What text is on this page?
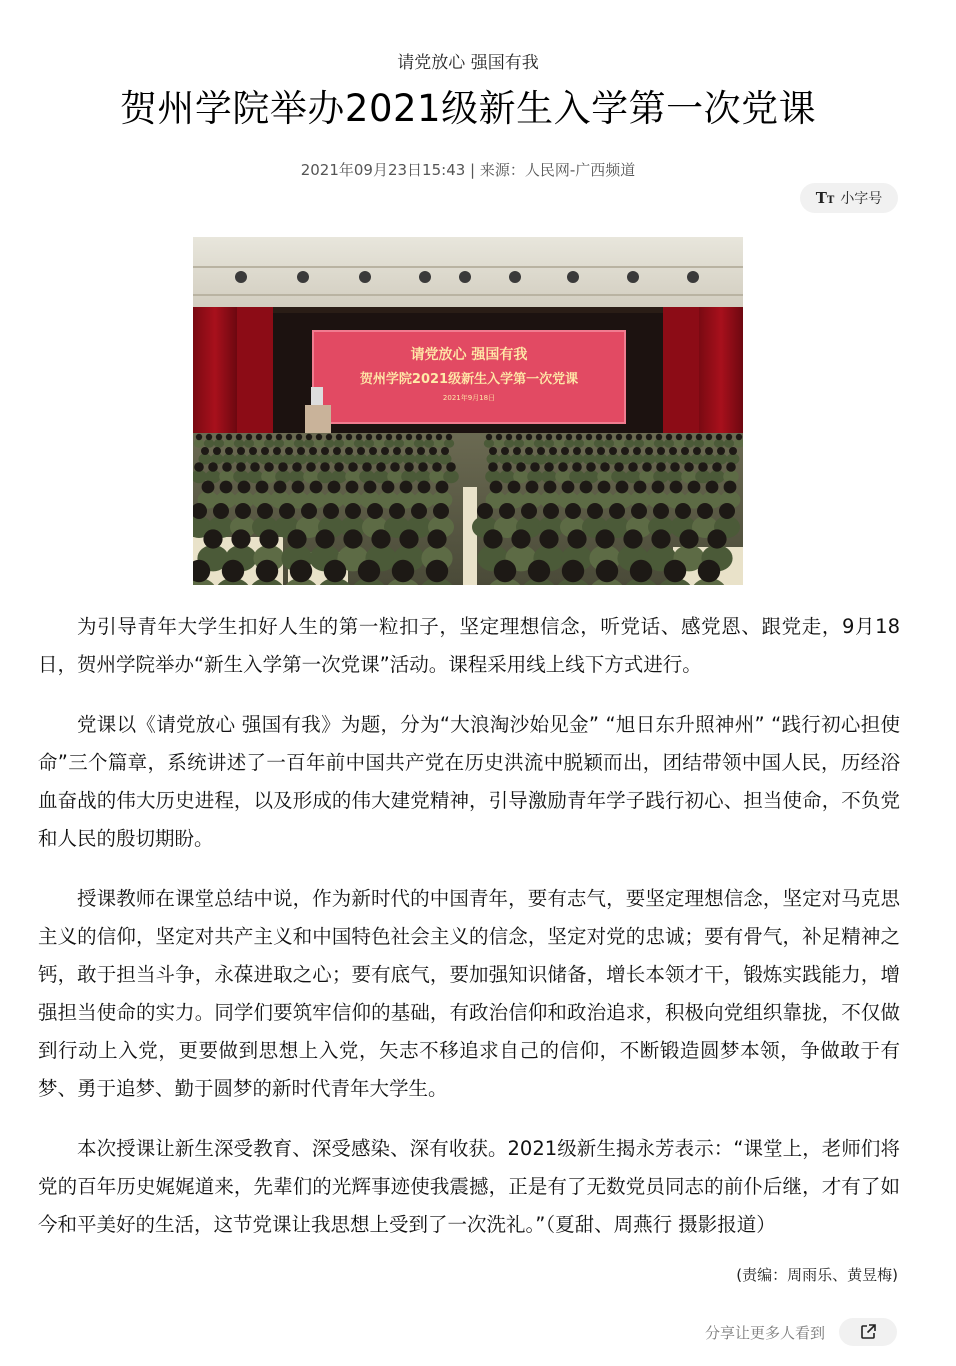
请党放心 强国有我
贺州学院举办2021级新生入学第一次党课
2021年09月23日15:43 | 来源：人民网-广西频道
TT 小字号
请党放心 强国有我
贺州学院2021级新生入学第一次党课
2021年9月18日

为引导青年大学生扣好人生的第一粒扣子，坚定理想信念，听党话、感党恩、跟党走，9月18日，贺州学院举办“新生入学第一次党课”活动。课程采用线上线下方式进行。

党课以《请党放心 强国有我》为题，分为“大浪淘沙始见金” “旭日东升照神州” “践行初心担使命”三个篇章，系统讲述了一百年前中国共产党在历史洪流中脱颖而出，团结带领中国人民，历经浴血奋战的伟大历史进程，以及形成的伟大建党精神，引导激励青年学子践行初心、担当使命，不负党和人民的殷切期盼。

授课教师在课堂总结中说，作为新时代的中国青年，要有志气，要坚定理想信念，坚定对马克思主义的信仰，坚定对共产主义和中国特色社会主义的信念，坚定对党的忠诚；要有骨气，补足精神之钙，敢于担当斗争，永葆进取之心；要有底气，要加强知识储备，增长本领才干，锻炼实践能力，增强担当使命的实力。同学们要筑牢信仰的基础，有政治信仰和政治追求，积极向党组织靠拢，不仅做到行动上入党，更要做到思想上入党，矢志不移追求自己的信仰，不断锻造圆梦本领，争做敢于有梦、勇于追梦、勤于圆梦的新时代青年大学生。

本次授课让新生深受教育、深受感染、深有收获。2021级新生揭永芳表示：“课堂上，老师们将党的百年历史娓娓道来，先辈们的光辉事迹使我震撼，正是有了无数党员同志的前仆后继，才有了如今和平美好的生活，这节党课让我思想上受到了一次洗礼。”（夏甜、周燕行 摄影报道）

(责编：周雨乐、黄昱梅)
分享让更多人看到
